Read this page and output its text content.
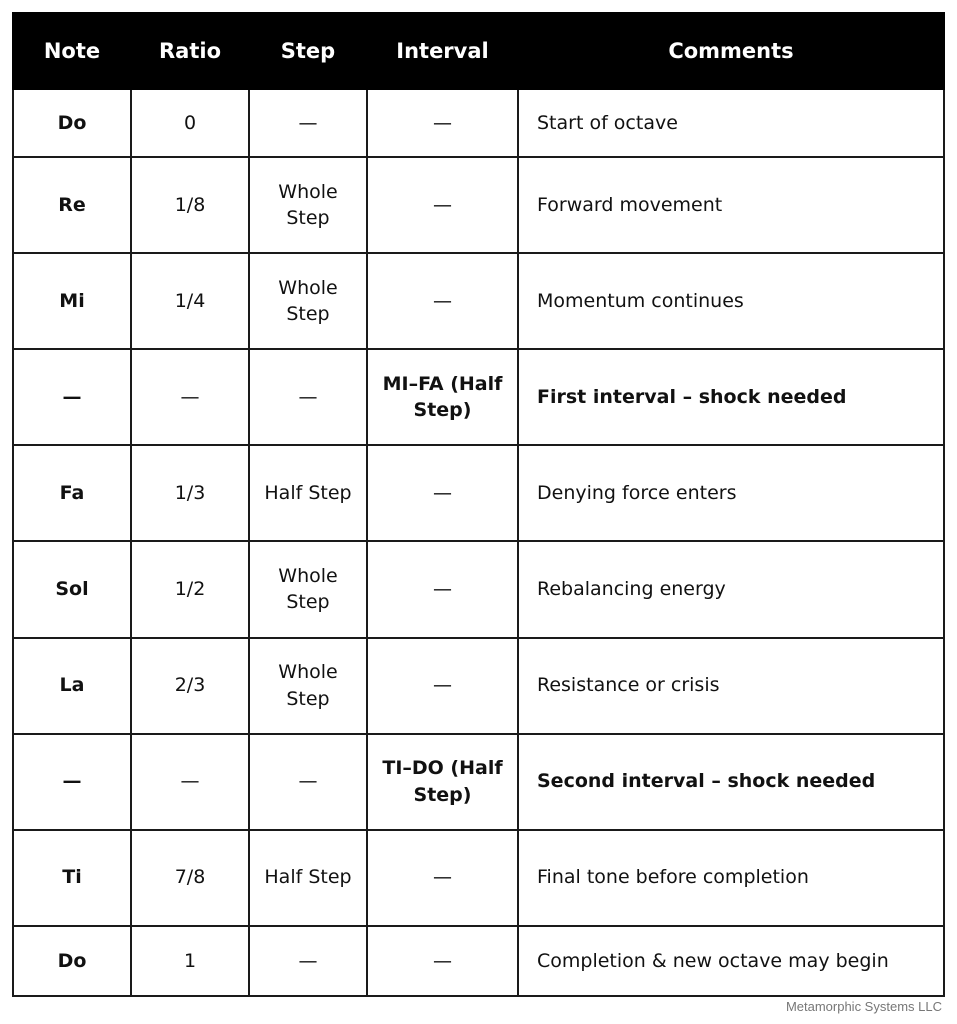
Note	Ratio	Step	Interval	Comments
Do	0	—	—	Start of octave
Re	1/8	Whole Step	—	Forward movement
Mi	1/4	Whole Step	—	Momentum continues
—	—	—	MI–FA (Half Step)	First interval – shock needed
Fa	1/3	Half Step	—	Denying force enters
Sol	1/2	Whole Step	—	Rebalancing energy
La	2/3	Whole Step	—	Resistance or crisis
—	—	—	TI–DO (Half Step)	Second interval – shock needed
Ti	7/8	Half Step	—	Final tone before completion
Do	1	—	—	Completion & new octave may begin
Metamorphic Systems LLC
